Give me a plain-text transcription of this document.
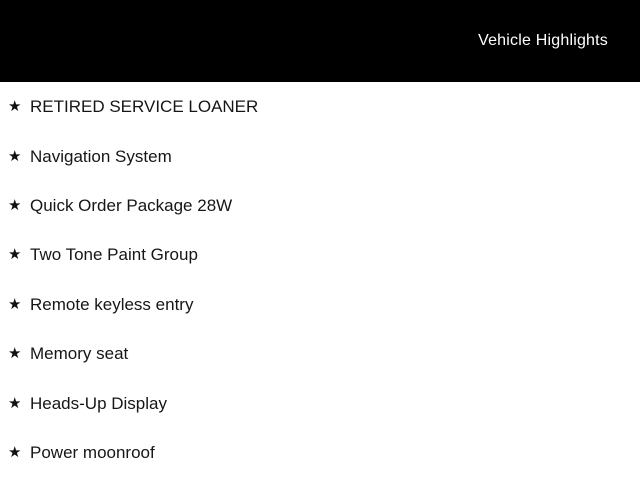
Vehicle Highlights
★ RETIRED SERVICE LOANER
★ Navigation System
★ Quick Order Package 28W
★ Two Tone Paint Group
★ Remote keyless entry
★ Memory seat
★ Heads-Up Display
★ Power moonroof
